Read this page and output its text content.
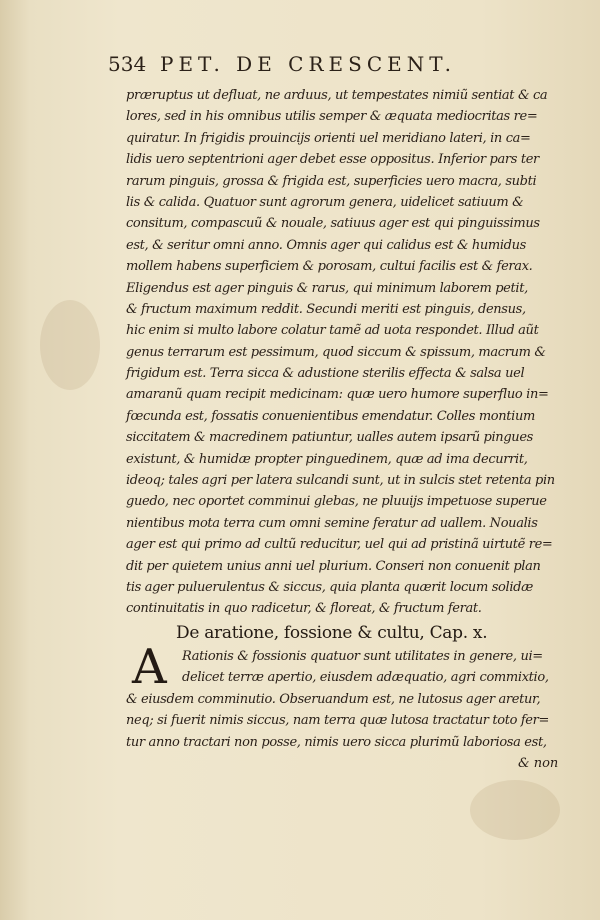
534 PET. DE CRESCENT.
præruptus ut defluat, ne arduus, ut tempestates nimiũ sentiat & ca
lores, sed in his omnibus utilis semper & æquata mediocritas re=
quiratur. In frigidis prouincijs orienti uel meridiano lateri, in ca=
lidis uero septentrioni ager debet esse oppositus. Inferior pars ter
rarum pinguis, grossa & frigida est, superficies uero macra, subti
lis & calida. Quatuor sunt agrorum genera, uidelicet satiuum &
consitum, compascuũ & nouale, satiuus ager est qui pinguissimus
est, & seritur omni anno. Omnis ager qui calidus est & humidus
mollem habens superficiem & porosam, cultui facilis est & ferax.
Eligendus est ager pinguis & rarus, qui minimum laborem petit,
& fructum maximum reddit. Secundi meriti est pinguis, densus,
hic enim si multo labore colatur tamẽ ad uota respondet. Illud aũt
genus terrarum est pessimum, quod siccum & spissum, macrum &
frigidum est. Terra sicca & adustione sterilis effecta & salsa uel
amaranũ quam recipit medicinam: quæ uero humore superfluo in=
fœcunda est, fossatis conuenientibus emendatur. Colles montium
siccitatem & macredinem patiuntur, ualles autem ipsarũ pingues
existunt, & humidæ propter pinguedinem, quæ ad ima decurrit,
ideoq; tales agri per latera sulcandi sunt, ut in sulcis stet retenta pin
guedo, nec oportet comminui glebas, ne pluuijs impetuose superue
nientibus mota terra cum omni semine feratur ad uallem. Noualis
ager est qui primo ad cultũ reducitur, uel qui ad pristinã uirtutẽ re=
dit per quietem unius anni uel plurium. Conseri non conuenit plan
tis ager puluerulentus & siccus, quia planta quærit locum solidæ
continuitatis in quo radicetur, & floreat, & fructum ferat.
De aratione, fossione & cultu, Cap. x.
A	Rationis & fossionis quatuor sunt utilitates in genere, ui=
delicet terræ apertio, eiusdem adæquatio, agri commixtio,
& eiusdem comminutio. Obseruandum est, ne lutosus ager aretur,
neq; si fuerit nimis siccus, nam terra quæ lutosa tractatur toto fer=
tur anno tractari non posse, nimis uero sicca plurimũ laboriosa est,
& non
